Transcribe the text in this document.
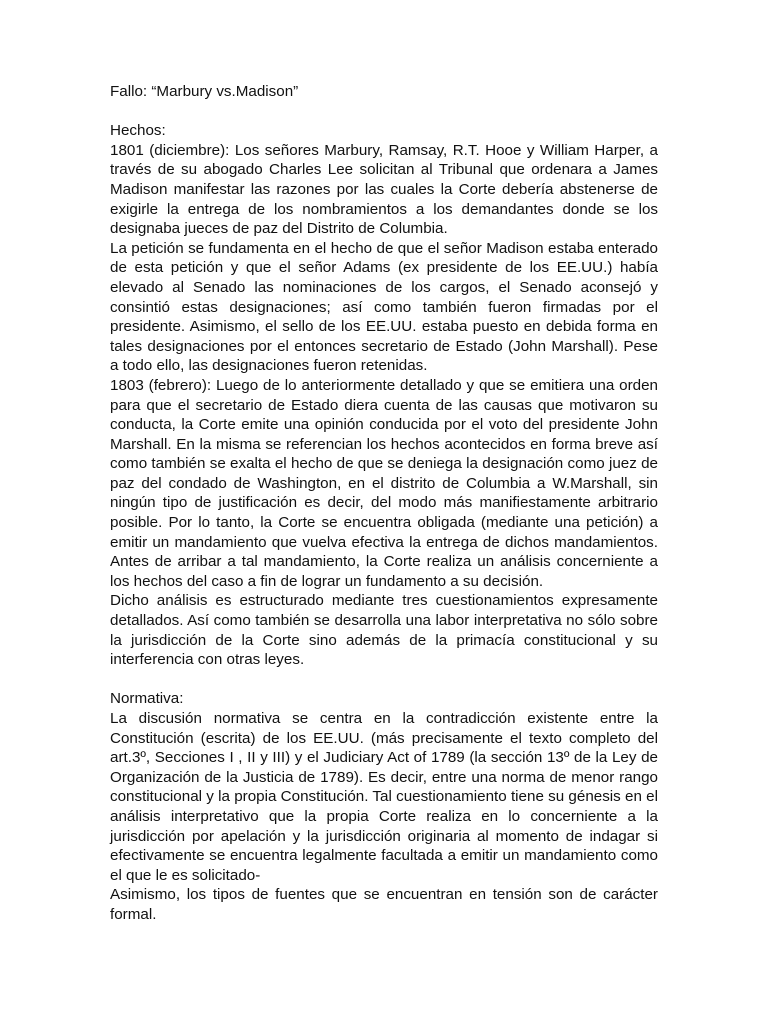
Fallo: “Marbury vs.Madison”

Hechos:

1801 (diciembre): Los señores Marbury, Ramsay, R.T. Hooe y William Harper, a través de su abogado Charles Lee solicitan al Tribunal que ordenara a James Madison manifestar las razones por las cuales la Corte debería abstenerse de exigirle la entrega de los nombramientos a los demandantes donde se los designaba jueces de paz del Distrito de Columbia.

La petición se fundamenta en el hecho de que el señor Madison estaba enterado de esta petición y que el señor Adams (ex presidente de los EE.UU.) había elevado al Senado las nominaciones de los cargos, el Senado aconsejó y consintió estas designaciones; así como también fueron firmadas por el presidente. Asimismo, el sello de los EE.UU. estaba puesto en debida forma en tales designaciones por el entonces secretario de Estado (John Marshall). Pese a todo ello, las designaciones fueron retenidas.

1803 (febrero): Luego de lo anteriormente detallado y que se emitiera una orden para que el secretario de Estado diera cuenta de las causas que motivaron su conducta, la Corte emite una opinión conducida por el voto del presidente John Marshall. En la misma se referencian los hechos acontecidos en forma breve así como también se exalta el hecho de que se deniega la designación como juez de paz del condado de Washington, en el distrito de Columbia a W.Marshall, sin ningún tipo de justificación es decir, del modo más manifiestamente arbitrario posible. Por lo tanto, la Corte se encuentra obligada (mediante una petición) a emitir un mandamiento que vuelva efectiva la entrega de dichos mandamientos. Antes de arribar a tal mandamiento, la Corte realiza un análisis concerniente a los hechos del caso a fin de lograr un fundamento a su decisión.

Dicho análisis es estructurado mediante tres cuestionamientos expresamente detallados. Así como también se desarrolla una labor interpretativa no sólo sobre la jurisdicción de la Corte sino además de la primacía constitucional y su interferencia con otras leyes.

Normativa:

La discusión normativa se centra en la contradicción existente entre la Constitución (escrita) de los EE.UU. (más precisamente el texto completo del art.3º, Secciones I , II y III) y el Judiciary Act of 1789 (la sección 13º de la Ley de Organización de la Justicia de 1789). Es decir, entre una norma de menor rango constitucional y la propia Constitución. Tal cuestionamiento tiene su génesis en el análisis interpretativo que la propia Corte realiza en lo concerniente a la jurisdicción por apelación y la jurisdicción originaria al momento de indagar si efectivamente se encuentra legalmente facultada a emitir un mandamiento como el que le es solicitado-

Asimismo, los tipos de fuentes que se encuentran en tensión son de carácter formal.
